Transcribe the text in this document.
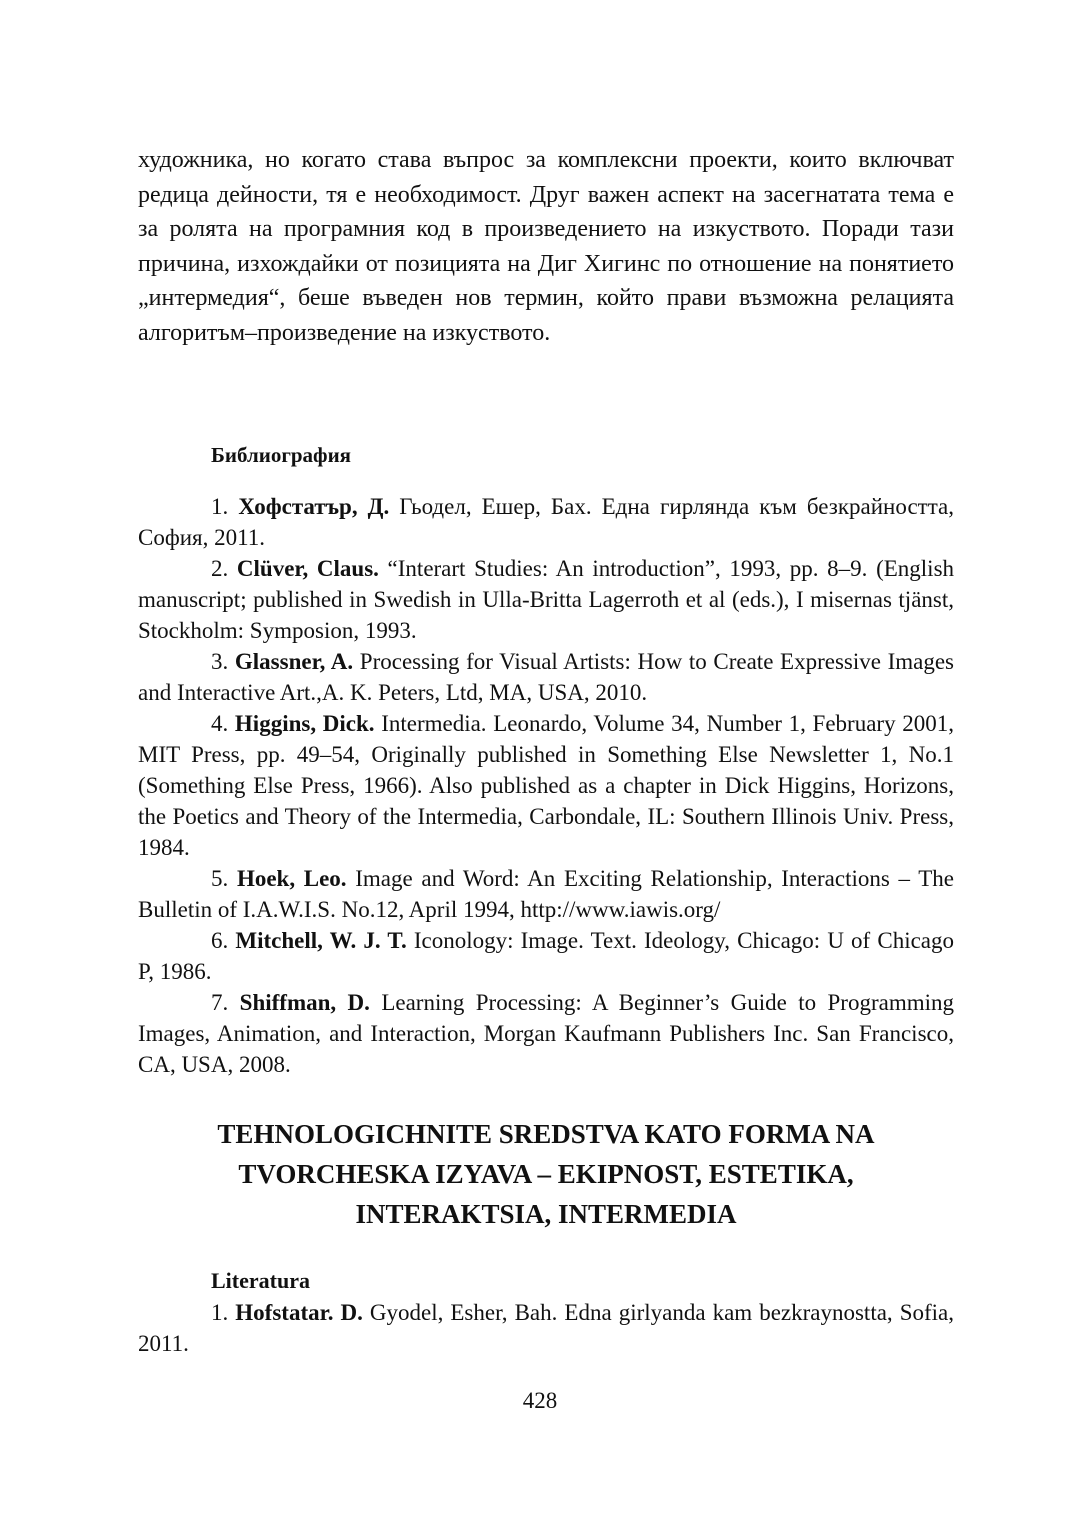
художника, но когато става въпрос за комплексни проекти, които включват редица дейности, тя е необходимост. Друг важен аспект на засегнатата тема е за ролята на програмния код в произведението на изкуството. Поради тази причина, изхождайки от позицията на Диг Хигинс по отношение на понятието „интермедия“, беше въведен нов термин, който прави възможна релацията алгоритъм–произведение на изкуството.

Библиография

1. Хофстатър, Д. Гьодел, Ешер, Бах. Една гирлянда към безкрайността, София, 2011.

2. Clüver, Claus. “Interart Studies: An introduction”, 1993, pp. 8–9. (English manuscript; published in Swedish in Ulla-Britta Lagerroth et al (eds.), I misernas tjänst, Stockholm: Symposion, 1993.

3. Glassner, A. Processing for Visual Artists: How to Create Expressive Images and Interactive Art.,A. K. Peters, Ltd, MA, USA, 2010.

4. Higgins, Dick. Intermedia. Leonardo, Volume 34, Number 1, February 2001, MIT Press, pp. 49–54, Originally published in Something Else Newsletter 1, No.1 (Something Else Press, 1966). Also published as a chapter in Dick Higgins, Horizons, the Poetics and Theory of the Intermedia, Carbondale, IL: Southern Illinois Univ. Press, 1984.

5. Hoek, Leo. Image and Word: An Exciting Relationship, Interactions – The Bulletin of I.A.W.I.S. No.12, April 1994, http://www.iawis.org/

6. Mitchell, W. J. T. Iconology: Image. Text. Ideology, Chicago: U of Chicago P, 1986.

7. Shiffman, D. Learning Processing: A Beginner’s Guide to Programming Images, Animation, and Interaction, Morgan Kaufmann Publishers Inc. San Francisco, CA, USA, 2008.

TEHNOLOGICHNITE SREDSTVA KATO FORMA NA
TVORCHESKA IZYAVA – EKIPNOST, ESTETIKA,
INTERAKTSIA, INTERMEDIA
Literatura

1. Hofstatar. D. Gyodel, Esher, Bah. Edna girlyanda kam bezkraynostta, Sofia, 2011.

428
